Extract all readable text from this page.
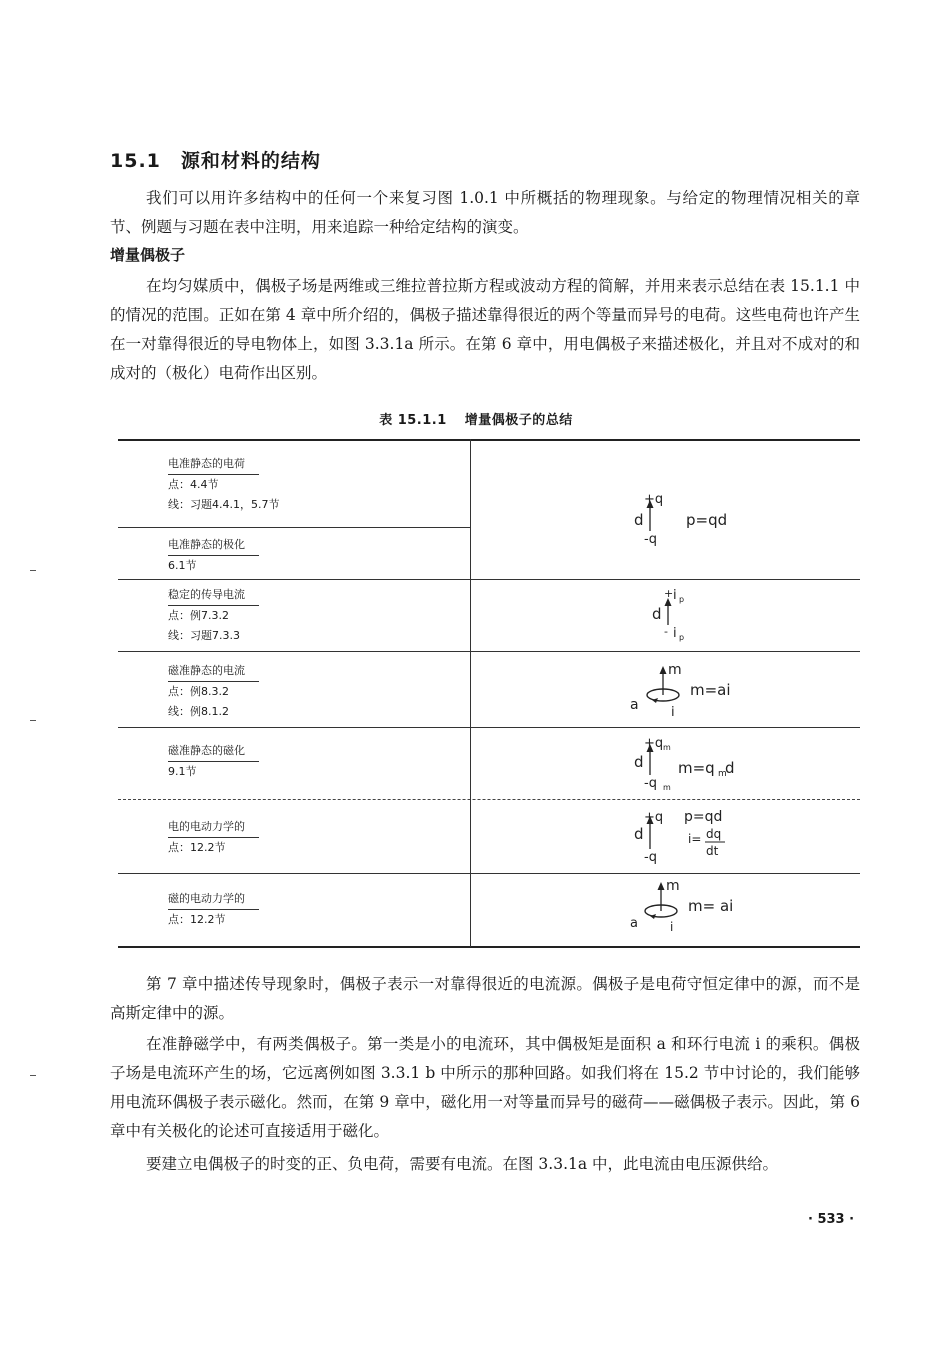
15.1 源和材料的结构

我们可以用许多结构中的任何一个来复习图 1.0.1 中所概括的物理现象。与给定的物理情况相关的章节、例题与习题在表中注明，用来追踪一种给定结构的演变。

增量偶极子

在均匀媒质中，偶极子场是两维或三维拉普拉斯方程或波动方程的简解，并用来表示总结在表 15.1.1 中的情况的范围。正如在第 4 章中所介绍的，偶极子描述靠得很近的两个等量而异号的电荷。这些电荷也许产生在一对靠得很近的导电物体上，如图 3.3.1a 所示。在第 6 章中，用电偶极子来描述极化，并且对不成对的和成对的（极化）电荷作出区别。

表 15.1.1 增量偶极子的总结
电准静态的电荷
点：4.4节
线：习题4.4.1，5.7节
电准静态的极化
6.1节
稳定的传导电流
点：例7.3.2
线：习题7.3.3
磁准静态的电流
点：例8.3.2
线：例8.1.2
磁准静态的磁化
9.1节
电的电动力学的
点：12.2节
磁的电动力学的
点：12.2节
d
+q
-q
p=qd
d
+ i p
- i p
m
a i
m=ai
d
+q m
-q m
m=q m
d
d
+q
-q
p=qd
i= dq
dt
m
a	i
m= ai

第 7 章中描述传导现象时，偶极子表示一对靠得很近的电流源。偶极子是电荷守恒定律中的源，而不是高斯定律中的源。

在准静磁学中，有两类偶极子。第一类是小的电流环，其中偶极矩是面积 a 和环行电流 i 的乘积。偶极子场是电流环产生的场，它远离例如图 3.3.1 b 中所示的那种回路。如我们将在 15.2 节中讨论的，我们能够用电流环偶极子表示磁化。然而，在第 9 章中，磁化用一对等量而异号的磁荷——磁偶极子表示。因此，第 6 章中有关极化的论述可直接适用于磁化。

要建立电偶极子的时变的正、负电荷，需要有电流。在图 3.3.1a 中，此电流由电压源供给。

· 533 ·
